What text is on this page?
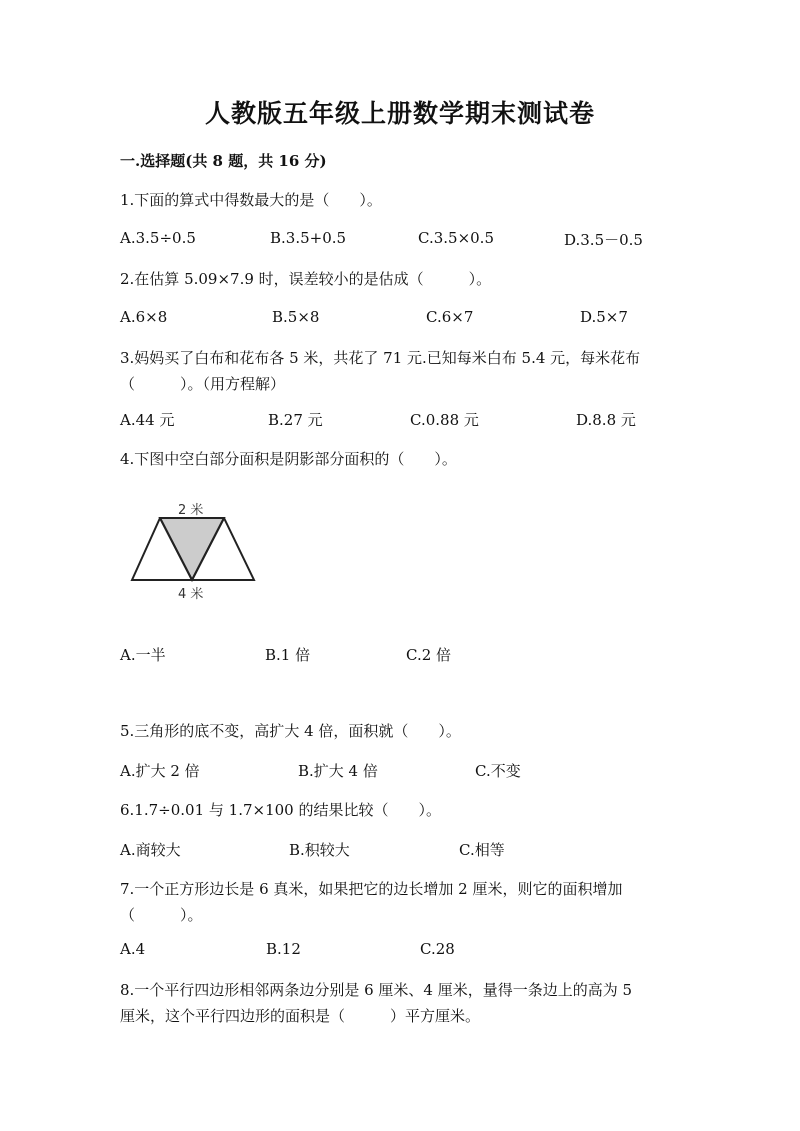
人教版五年级上册数学期末测试卷
一.选择题(共 8 题，共 16 分)
1.下面的算式中得数最大的是（　　）。
A.3.5÷0.5	B.3.5+0.5	C.3.5×0.5	D.3.5－0.5
2.在估算 5.09×7.9 时，误差较小的是估成（　　　）。
A.6×8	B.5×8	C.6×7	D.5×7
3.妈妈买了白布和花布各 5 米，共花了 71 元.已知每米白布 5.4 元，每米花布
（　　　）。（用方程解）
A.44 元	B.27 元	C.0.88 元	D.8.8 元
4.下图中空白部分面积是阴影部分面积的（　　）。
2 米
4 米
A.一半	B.1 倍	C.2 倍
5.三角形的底不变，高扩大 4 倍，面积就（　　）。
A.扩大 2 倍	B.扩大 4 倍	C.不变
6.1.7÷0.01 与 1.7×100 的结果比较（　　）。
A.商较大	B.积较大	C.相等
7.一个正方形边长是 6 真米，如果把它的边长增加 2 厘米，则它的面积增加
（　　　）。
A.4	B.12	C.28
8.一个平行四边形相邻两条边分别是 6 厘米、4 厘米，量得一条边上的高为 5
厘米，这个平行四边形的面积是（　　　）平方厘米。
